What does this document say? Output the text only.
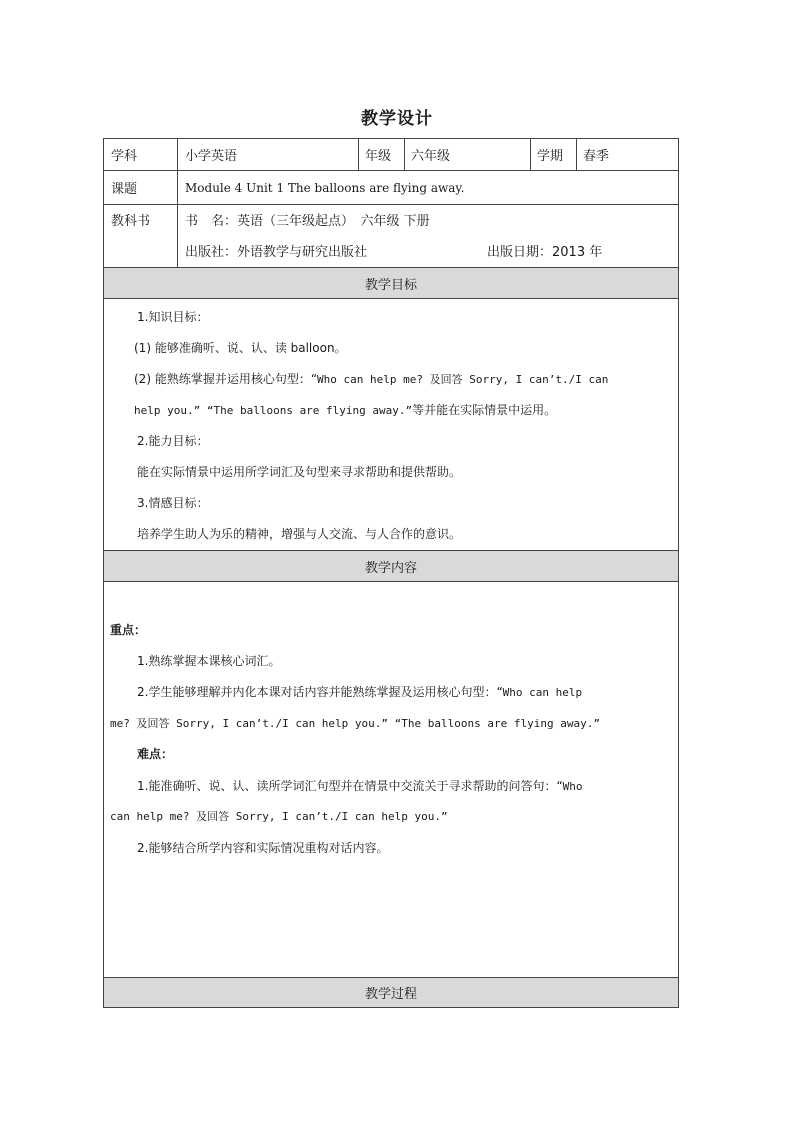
教学设计
学科	小学英语	年级	六年级	学期	春季
课题	Module 4 Unit 1 The balloons are flying away.
教科书	书　名：英语（三年级起点）　六年级 下册
出版社：外语教学与研究出版社	出版日期：2013 年
教学目标
1.知识目标：
(1) 能够准确听、说、认、读 balloon。
(2) 能熟练掌握并运用核心句型：“Who can help me? 及回答 Sorry, I can’t./I can
help you.” “The balloons are flying away.”等并能在实际情景中运用。
2.能力目标：
能在实际情景中运用所学词汇及句型来寻求帮助和提供帮助。
3.情感目标：
培养学生助人为乐的精神，增强与人交流、与人合作的意识。
教学内容
重点：
1.熟练掌握本课核心词汇。
2.学生能够理解并内化本课对话内容并能熟练掌握及运用核心句型：“Who can help
me? 及回答 Sorry, I can’t./I can help you.” “The balloons are flying away.”
难点：
1.能准确听、说、认、读所学词汇句型并在情景中交流关于寻求帮助的问答句：“Who
can help me? 及回答 Sorry, I can’t./I can help you.”
2.能够结合所学内容和实际情况重构对话内容。
教学过程
